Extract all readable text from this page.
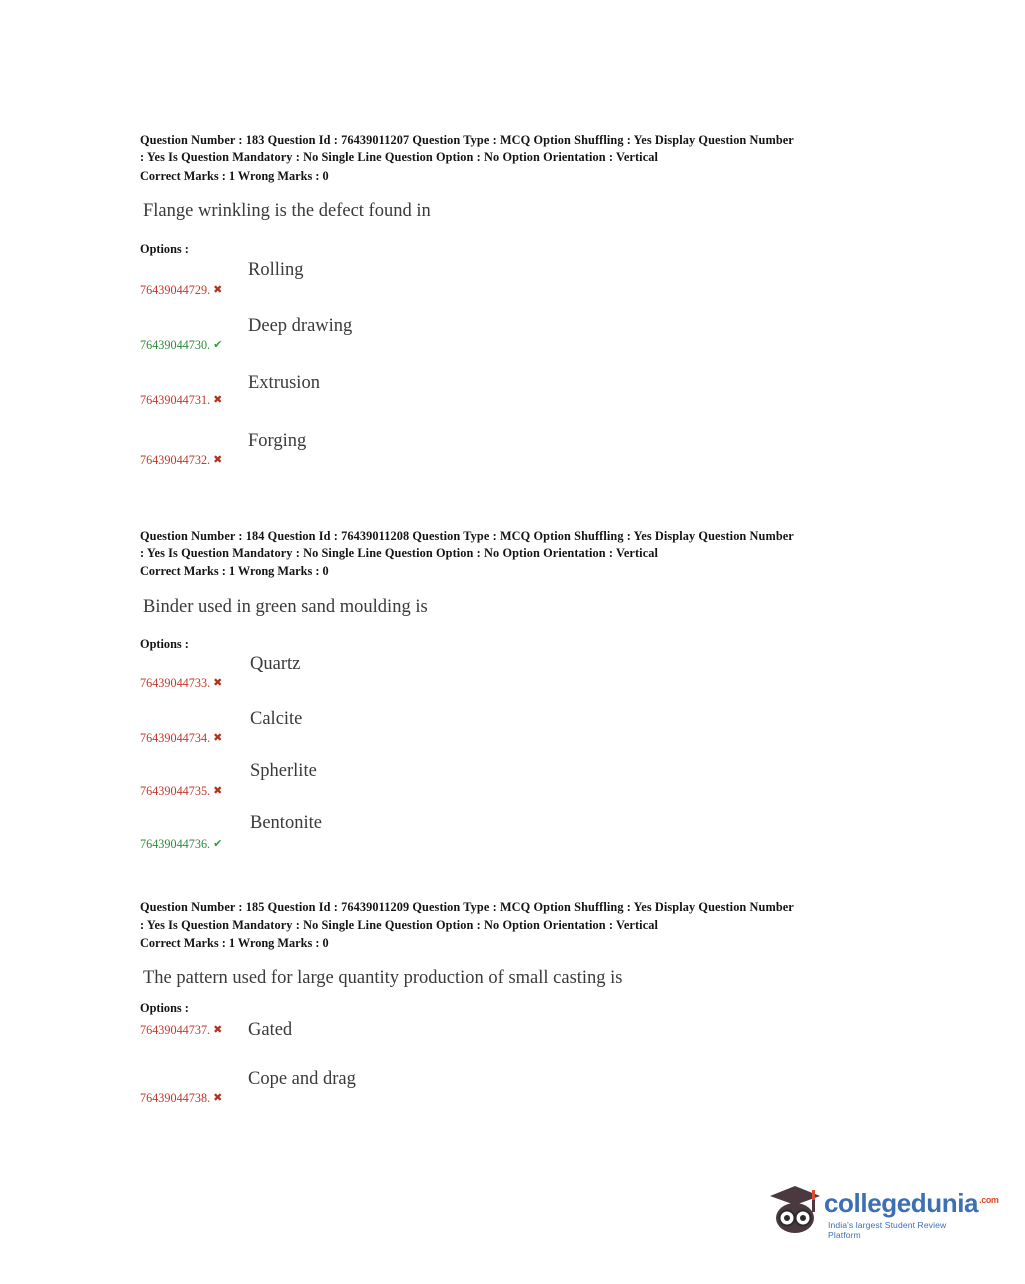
Question Number : 183 Question Id : 76439011207 Question Type : MCQ Option Shuffling : Yes Display Question Number
: Yes Is Question Mandatory : No Single Line Question Option : No Option Orientation : Vertical
Correct Marks : 1 Wrong Marks : 0
Flange wrinkling is the defect found in
Options :
Rolling
76439044729. ✖
Deep drawing
76439044730. ✔
Extrusion
76439044731. ✖
Forging
76439044732. ✖
Question Number : 184 Question Id : 76439011208 Question Type : MCQ Option Shuffling : Yes Display Question Number
: Yes Is Question Mandatory : No Single Line Question Option : No Option Orientation : Vertical
Correct Marks : 1 Wrong Marks : 0
Binder used in green sand moulding is
Options :
Quartz
76439044733. ✖
Calcite
76439044734. ✖
Spherlite
76439044735. ✖
Bentonite
76439044736. ✔
Question Number : 185 Question Id : 76439011209 Question Type : MCQ Option Shuffling : Yes Display Question Number
: Yes Is Question Mandatory : No Single Line Question Option : No Option Orientation : Vertical
Correct Marks : 1 Wrong Marks : 0
The pattern used for large quantity production of small casting is
Options :
Gated
76439044737. ✖
Cope and drag
76439044738. ✖
collegedunia$^{.com}$
India's largest Student Review Platform
